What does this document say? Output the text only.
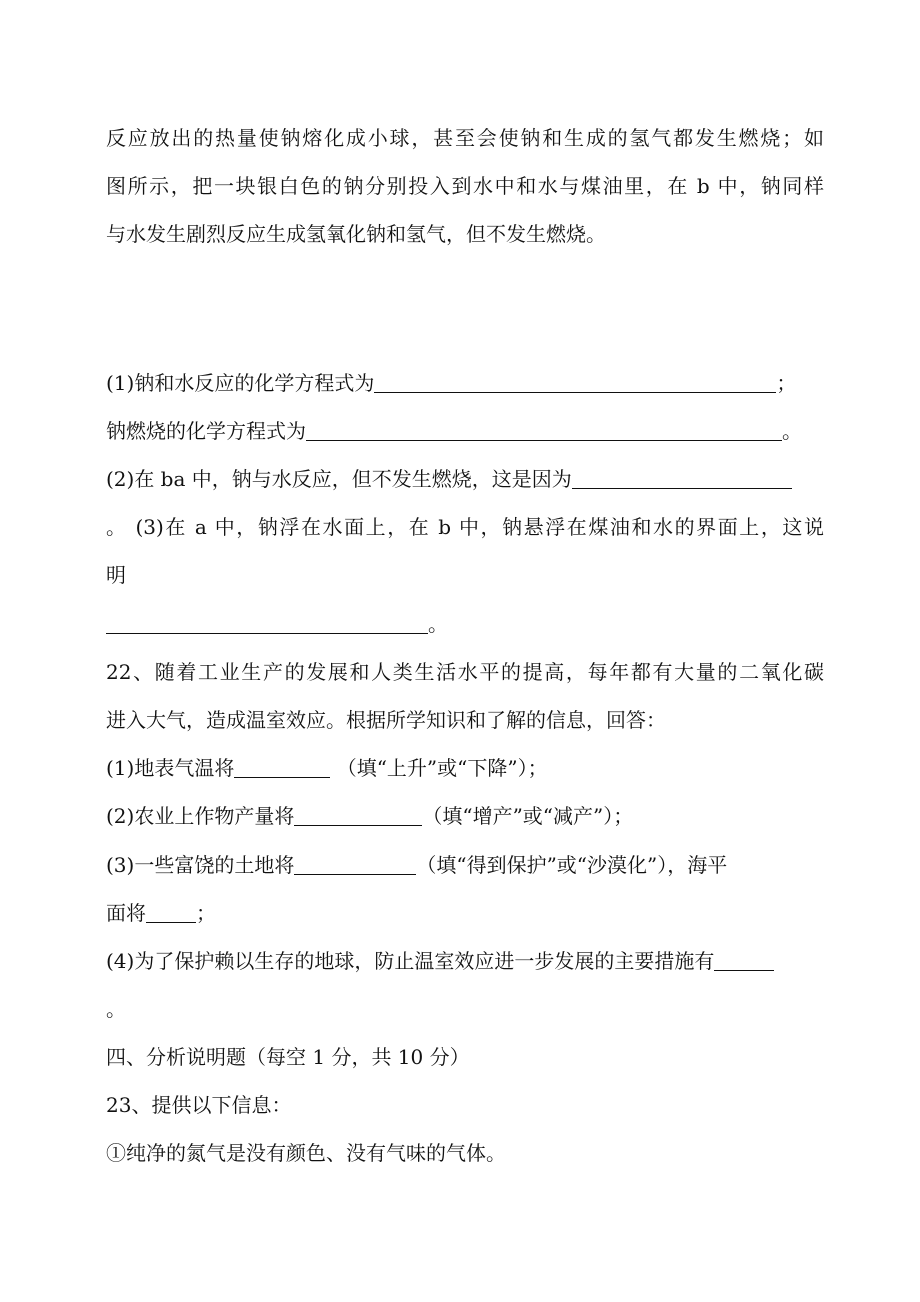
反应放出的热量使钠熔化成小球，甚至会使钠和生成的氢气都发生燃烧；如
图所示，把一块银白色的钠分别投入到水中和水与煤油里，在 b 中，钠同样
与水发生剧烈反应生成氢氧化钠和氢气，但不发生燃烧。
(1)钠和水反应的化学方程式为	；
钠燃烧的化学方程式为	。
(2)在 ba 中，钠与水反应，但不发生燃烧，这是因为
。 (3)在 a 中，钠浮在水面上，在 b 中，钠悬浮在煤油和水的界面上，这说
明
。
22、随着工业生产的发展和人类生活水平的提高，每年都有大量的二氧化碳
进入大气，造成温室效应。根据所学知识和了解的信息，回答：
(1)地表气温将	（填“上升”或“下降”）；
(2)农业上作物产量将	（填“增产”或“减产”）；
(3)一些富饶的土地将	（填“得到保护”或“沙漠化”），海平
面将	；
(4)为了保护赖以生存的地球，防止温室效应进一步发展的主要措施有
。
四、分析说明题（每空 1 分，共 10 分）
23、提供以下信息：
①纯净的氮气是没有颜色、没有气味的气体。
